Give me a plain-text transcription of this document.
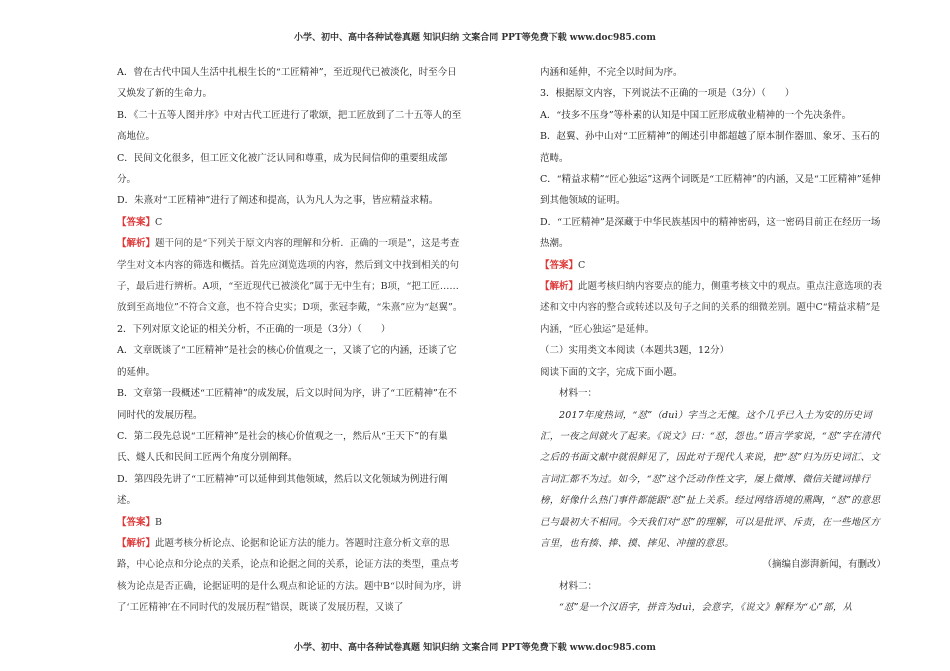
小学、初中、高中各种试卷真题 知识归纳 文案合同 PPT等免费下载 www.doc985.com

A．曾在古代中国人生活中扎根生长的“工匠精神”，至近现代已被淡化，时至今日又焕发了新的生命力。

B．《二十五等人图并序》中对古代工匠进行了歌颂，把工匠放到了二十五等人的至高地位。

C．民间文化很多，但工匠文化被广泛认同和尊重，成为民间信仰的重要组成部分。

D．朱熹对“工匠精神”进行了阐述和提高，认为凡人为之事，皆应精益求精。

【答案】C

【解析】题干问的是“下列关于原文内容的理解和分析．正确的一项是”，这是考查学生对文本内容的筛选和概括。首先应浏览选项的内容，然后到文中找到相关的句子，最后进行辨析。A项，“至近现代已被淡化”属于无中生有；B项，“把工匠……放到至高地位”不符合文意，也不符合史实；D项，张冠李戴，“朱熹”应为“赵翼”。

2．下列对原文论证的相关分析，不正确的一项是（3分）（　　）

A．文章既谈了“工匠精神”是社会的核心价值观之一，又谈了它的内涵，还谈了它的延伸。

B．文章第一段概述“工匠精神”的成发展，后文以时间为序，讲了“工匠精神”在不同时代的发展历程。

C．第二段先总说“工匠精神”是社会的核心价值观之一，然后从“王天下”的有巢氏、燧人氏和民间工匠两个角度分别阐释。

D．第四段先讲了“工匠精神”可以延伸到其他领域，然后以文化领域为例进行阐述。

【答案】B

【解析】此题考核分析论点、论据和论证方法的能力。答题时注意分析文章的思路，中心论点和分论点的关系，论点和论据之间的关系，论证方法的类型，重点考核为论点是否正确，论据证明的是什么观点和论证的方法。题中B“以时间为序，讲了‘工匠精神’在不同时代的发展历程”错误，既谈了发展历程，又谈了

内涵和延伸，不完全以时间为序。

3．根据原文内容，下列说法不正确的一项是（3分）（　　）

A．“技多不压身”等朴素的认知是中国工匠形成敬业精神的一个先决条件。

B．赵翼、孙中山对“工匠精神”的阐述引申都超越了原本制作器皿、象牙、玉石的范畴。

C．“精益求精”“匠心独运”这两个词既是“工匠精神”的内涵，又是“工匠精神”延伸到其他领域的证明。

D．“工匠精神”是深藏于中华民族基因中的精神密码，这一密码目前正在经历一场热潮。

【答案】C

【解析】此题考核归纳内容要点的能力，侧重考核文中的观点。重点注意选项的表述和文中内容的整合或转述以及句子之间的关系的细微差别。题中C“精益求精”是内涵，“匠心独运”是延伸。

（二）实用类文本阅读（本题共3题，12分）

阅读下面的文字，完成下面小题。

材料一：

2017年度热词，“怼”（duì）字当之无愧。这个几乎已入土为安的历史词汇，一夜之间就火了起来。《说文》曰：“怼，怨也。”语言学家说，“怼”字在清代之后的书面文献中就很鲜见了，因此对于现代人来说，把“怼”归为历史词汇、文言词汇都不为过。如今，“怼”这个泛动作性文字，屡上微博、微信关键词排行榜，好像什么热门事件都能跟“怼”扯上关系。经过网络语境的熏陶，“怼”的意思已与最初大不相同。今天我们对“怼”的理解，可以是批评、斥责，在一些地区方言里，也有揍、捧、摸、摔见、冲撞的意思。

（摘编自澎湃新闻，有删改）

材料二：

“怼”是一个汉语字，拼音为duì，会意字，《说文》解释为“心”部，从

小学、初中、高中各种试卷真题 知识归纳 文案合同 PPT等免费下载 www.doc985.com
